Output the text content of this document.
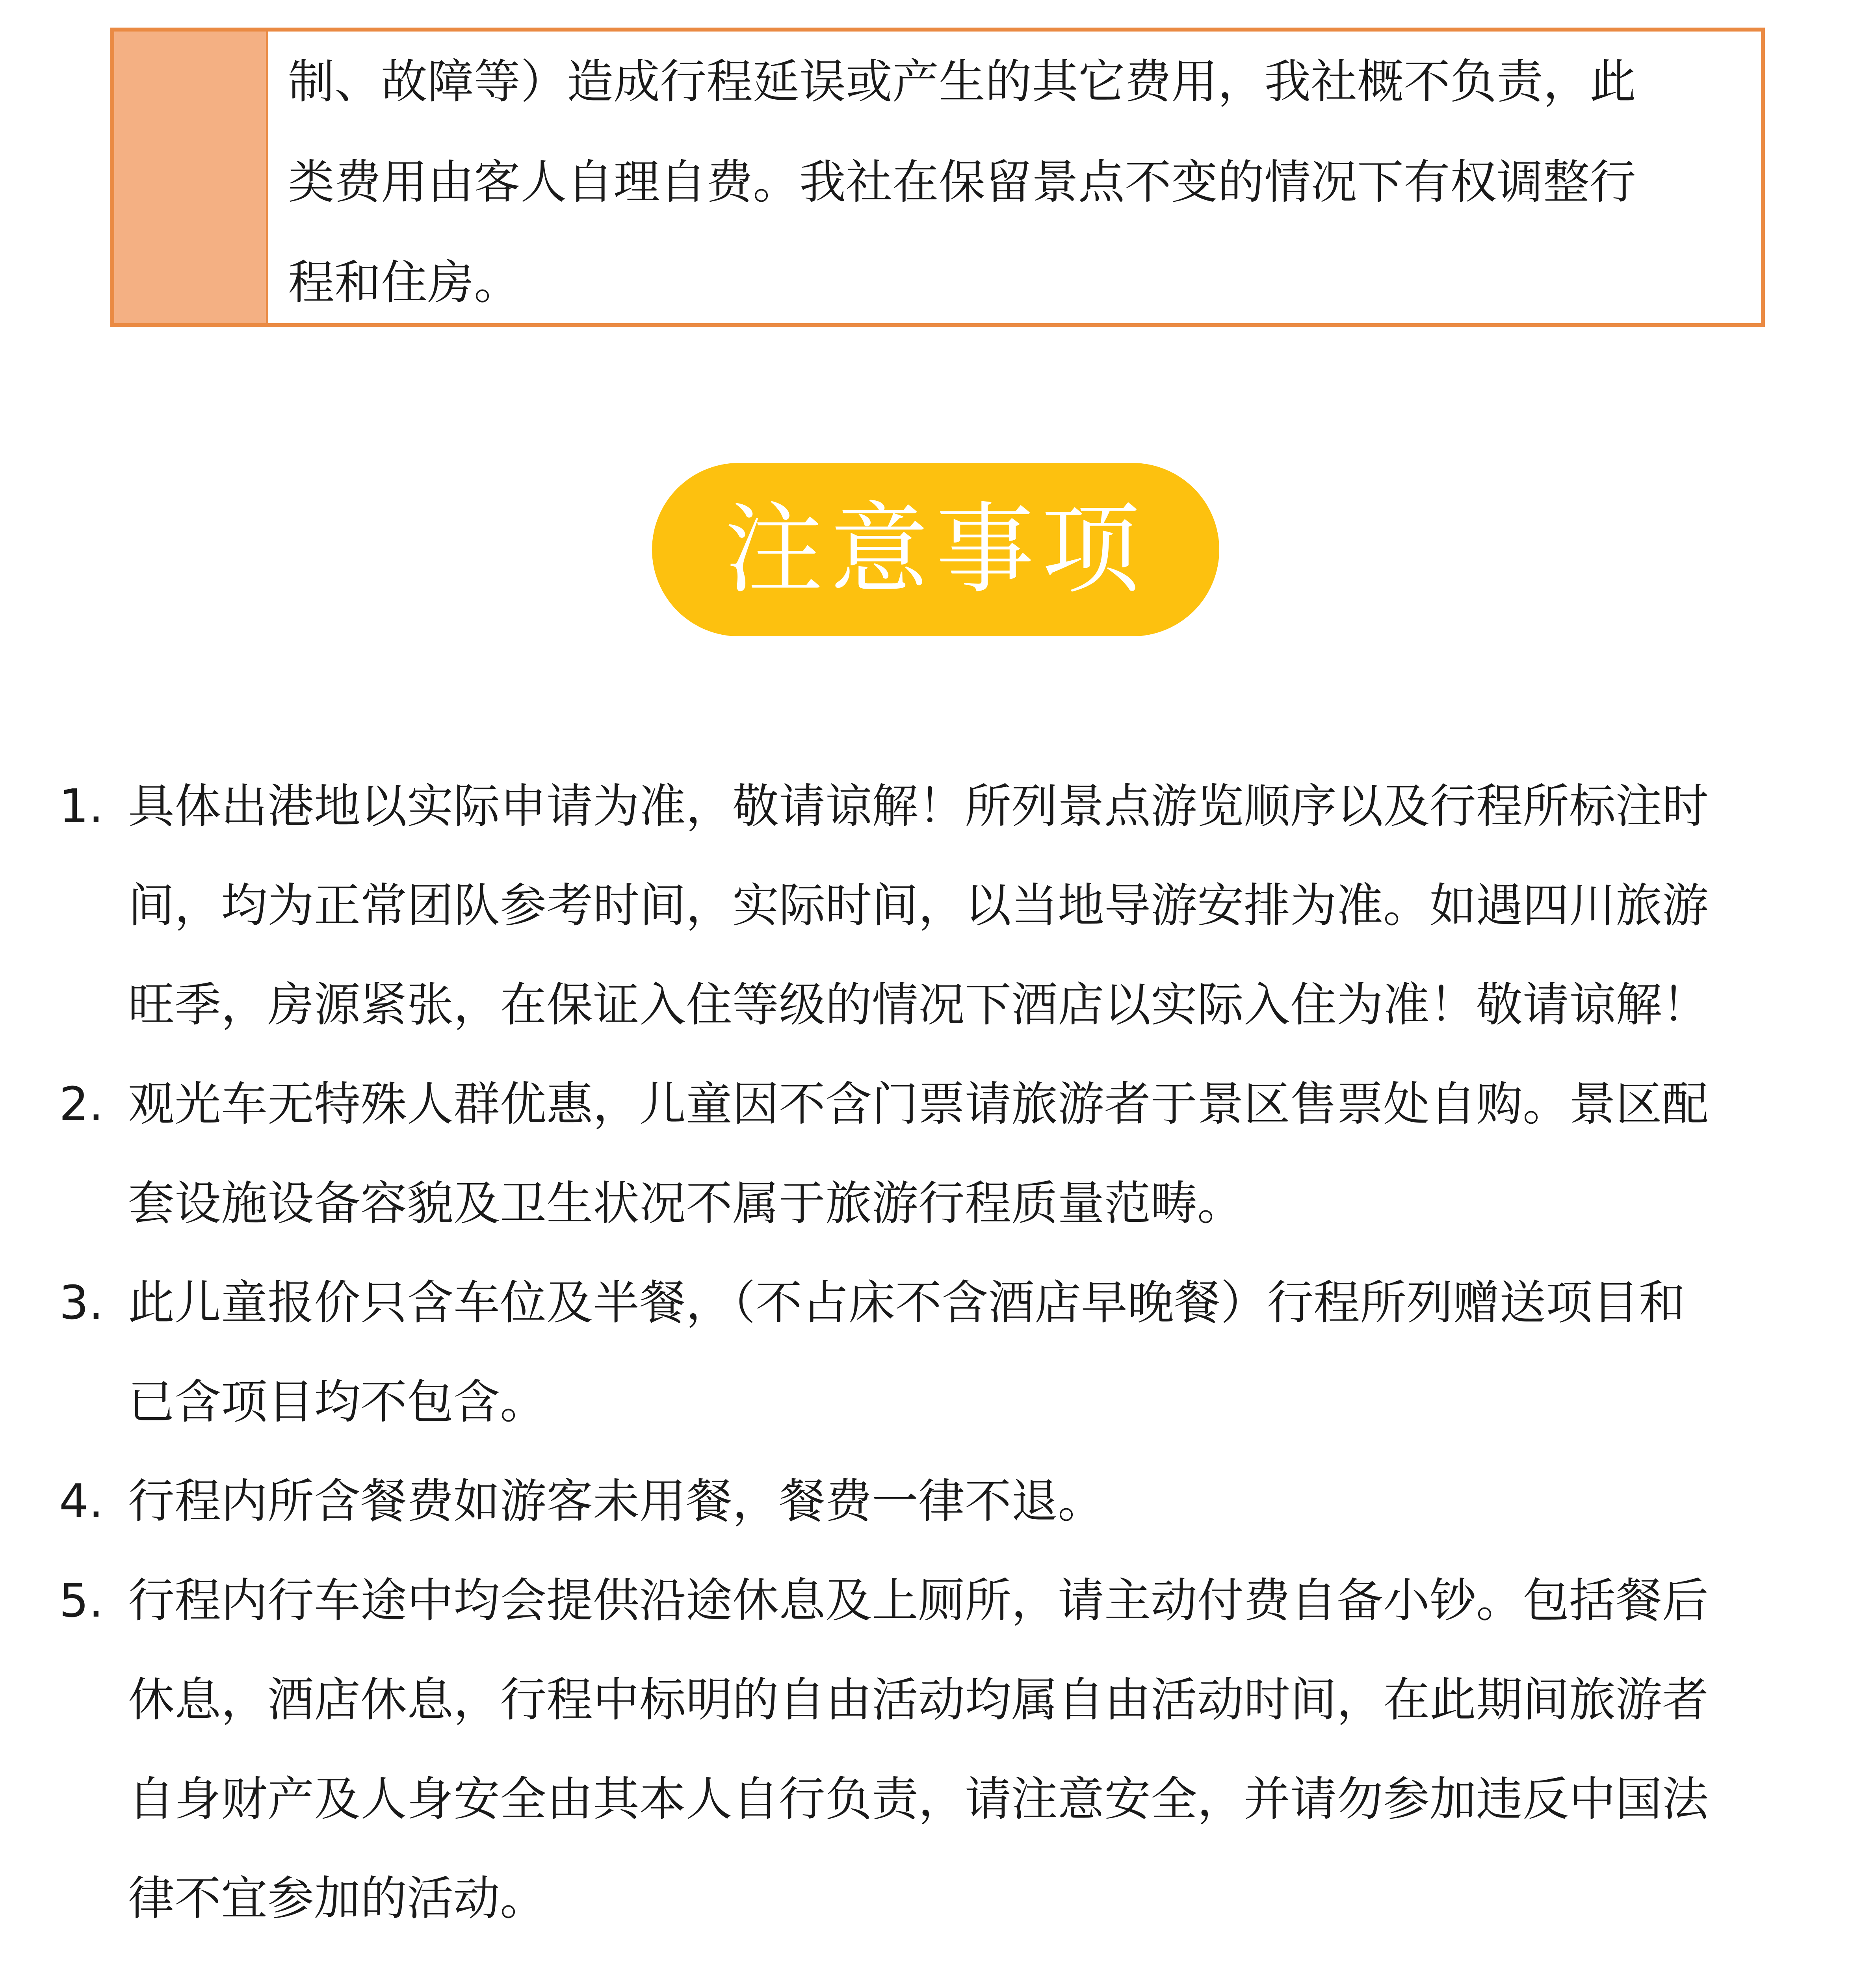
制、故障等）造成行程延误或产生的其它费用，我社概不负责，此
类费用由客人自理自费。我社在保留景点不变的情况下有权调整行
程和住房。
注意事项
1. 具体出港地以实际申请为准，敬请谅解！所列景点游览顺序以及行程所标注时
间，均为正常团队参考时间，实际时间，以当地导游安排为准。如遇四川旅游
旺季，房源紧张，在保证入住等级的情况下酒店以实际入住为准！敬请谅解！
2. 观光车无特殊人群优惠，儿童因不含门票请旅游者于景区售票处自购。景区配
套设施设备容貌及卫生状况不属于旅游行程质量范畴。
3. 此儿童报价只含车位及半餐，（不占床不含酒店早晚餐）行程所列赠送项目和
已含项目均不包含。
4. 行程内所含餐费如游客未用餐，餐费一律不退。
5. 行程内行车途中均会提供沿途休息及上厕所，请主动付费自备小钞。包括餐后
休息，酒店休息，行程中标明的自由活动均属自由活动时间，在此期间旅游者
自身财产及人身安全由其本人自行负责，请注意安全，并请勿参加违反中国法
律不宜参加的活动。
